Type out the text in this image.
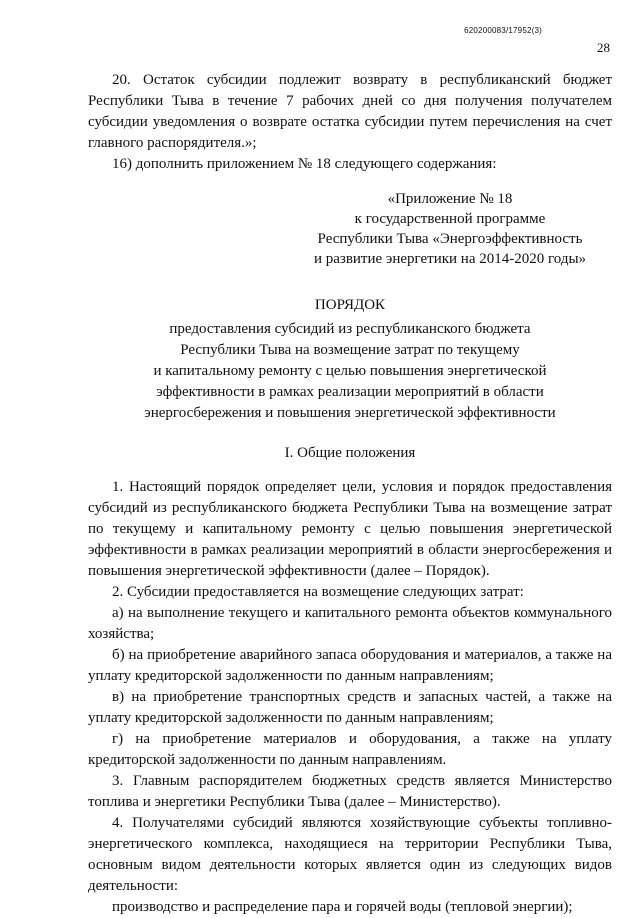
620200083/17952(3)
28

20. Остаток субсидии подлежит возврату в республиканский бюджет Республики Тыва в течение 7 рабочих дней со дня получения получателем субсидии уведомления о возврате остатка субсидии путем перечисления на счет главного распорядителя.»;

16) дополнить приложением № 18 следующего содержания:

«Приложение № 18
к государственной программе
Республики Тыва «Энергоэффективность
и развитие энергетики на 2014-2020 годы»
ПОРЯДОК
предоставления субсидий из республиканского бюджета
Республики Тыва на возмещение затрат по текущему
и капитальному ремонту с целью повышения энергетической
эффективности в рамках реализации мероприятий в области
энергосбережения и повышения энергетической эффективности
I. Общие положения

1. Настоящий порядок определяет цели, условия и порядок предоставления субсидий из республиканского бюджета Республики Тыва на возмещение затрат по текущему и капитальному ремонту с целью повышения энергетической эффективности в рамках реализации мероприятий в области энергосбережения и повышения энергетической эффективности (далее – Порядок).

2. Субсидии предоставляется на возмещение следующих затрат:

а) на выполнение текущего и капитального ремонта объектов коммунального хозяйства;

б) на приобретение аварийного запаса оборудования и материалов, а также на уплату кредиторской задолженности по данным направлениям;

в) на приобретение транспортных средств и запасных частей, а также на уплату кредиторской задолженности по данным направлениям;

г) на приобретение материалов и оборудования, а также на уплату кредиторской задолженности по данным направлениям.

3. Главным распорядителем бюджетных средств является Министерство топлива и энергетики Республики Тыва (далее – Министерство).

4. Получателями субсидий являются хозяйствующие субъекты топливно-энергетического комплекса, находящиеся на территории Республики Тыва, основным видом деятельности которых является один из следующих видов деятельности:

производство и распределение пара и горячей воды (тепловой энергии);
